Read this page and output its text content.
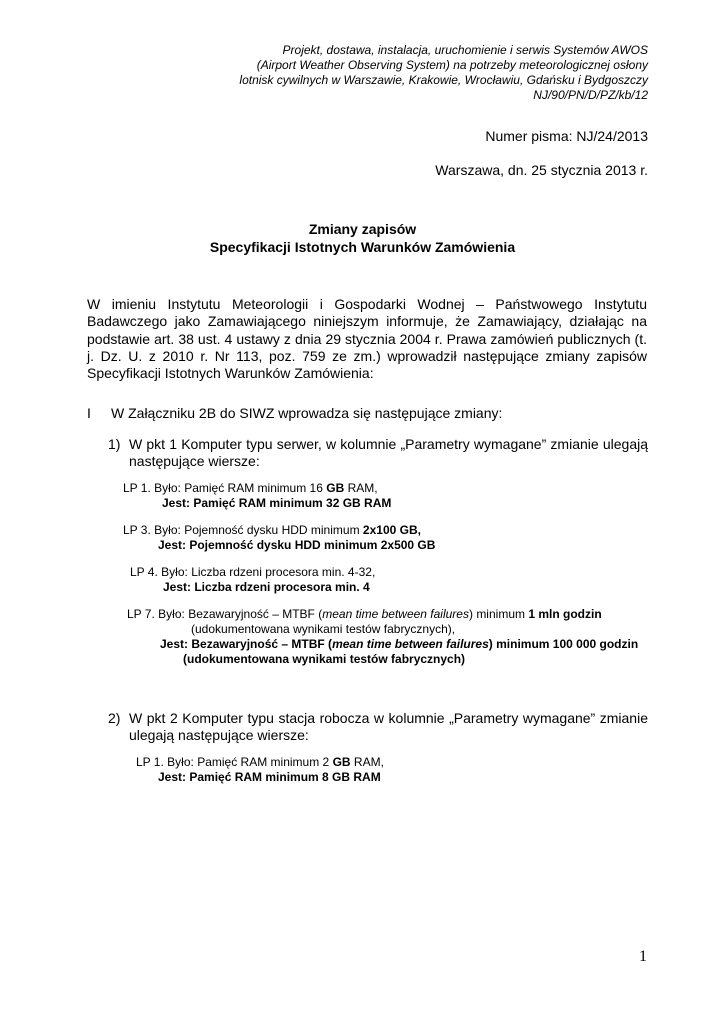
Projekt, dostawa, instalacja, uruchomienie i serwis Systemów AWOS
(Airport Weather Observing System) na potrzeby meteorologicznej osłony
lotnisk cywilnych w Warszawie, Krakowie, Wrocławiu, Gdańsku i Bydgoszczy
NJ/90/PN/D/PZ/kb/12
Numer pisma: NJ/24/2013
Warszawa, dn. 25 stycznia 2013 r.
Zmiany zapisów
Specyfikacji Istotnych Warunków Zamówienia
W imieniu Instytutu Meteorologii i Gospodarki Wodnej – Państwowego Instytutu Badawczego jako Zamawiającego niniejszym informuje, że Zamawiający, działając na podstawie art. 38 ust. 4 ustawy z dnia 29 stycznia 2004 r. Prawa zamówień publicznych (t. j. Dz. U. z 2010 r. Nr 113, poz. 759 ze zm.) wprowadził następujące zmiany zapisów Specyfikacji Istotnych Warunków Zamówienia:
I W Załączniku 2B do SIWZ wprowadza się następujące zmiany:
1) W pkt 1 Komputer typu serwer, w kolumnie „Parametry wymagane” zmianie ulegają
następujące wiersze:
LP 1. Było: Pamięć RAM minimum 16 GB RAM,
Jest: Pamięć RAM minimum 32 GB RAM
LP 3. Było: Pojemność dysku HDD minimum 2x100 GB,
Jest: Pojemność dysku HDD minimum 2x500 GB
LP 4. Było: Liczba rdzeni procesora min. 4-32,
Jest: Liczba rdzeni procesora min. 4
LP 7. Było: Bezawaryjność – MTBF (mean time between failures) minimum 1 mln godzin
(udokumentowana wynikami testów fabrycznych),
Jest: Bezawaryjność – MTBF (mean time between failures) minimum 100 000 godzin
(udokumentowana wynikami testów fabrycznych)
2) W pkt 2 Komputer typu stacja robocza w kolumnie „Parametry wymagane” zmianie
ulegają następujące wiersze:
LP 1. Było: Pamięć RAM minimum 2 GB RAM,
Jest: Pamięć RAM minimum 8 GB RAM
1
